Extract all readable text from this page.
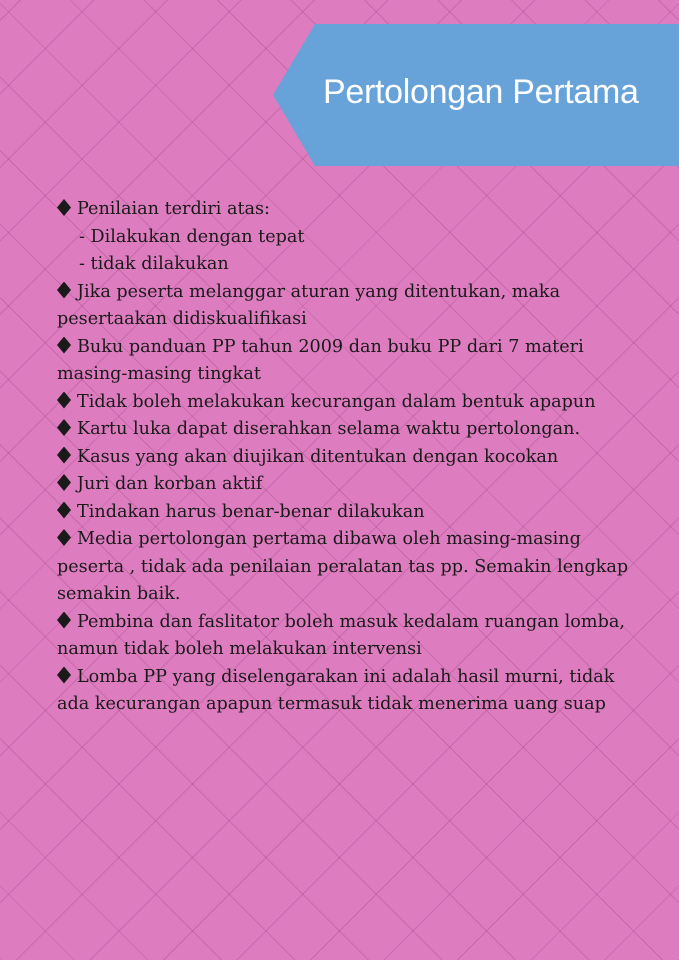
Pertolongan Pertama

Penilaian terdiri atas:

- Dilakukan dengan tepat

- tidak dilakukan

Jika peserta melanggar aturan yang ditentukan, maka pesertaakan didiskualifikasi

Buku panduan PP tahun 2009 dan buku PP dari 7 materi masing-masing tingkat

Tidak boleh melakukan kecurangan dalam bentuk apapun

Kartu luka dapat diserahkan selama waktu pertolongan.

Kasus yang akan diujikan ditentukan dengan kocokan

Juri dan korban aktif

Tindakan harus benar-benar dilakukan

Media pertolongan pertama dibawa oleh masing-masing peserta , tidak ada penilaian peralatan tas pp. Semakin lengkap semakin baik.

Pembina dan faslitator boleh masuk kedalam ruangan lomba, namun tidak boleh melakukan intervensi

Lomba PP yang diselengarakan ini adalah hasil murni, tidak ada kecurangan apapun termasuk tidak menerima uang suap
